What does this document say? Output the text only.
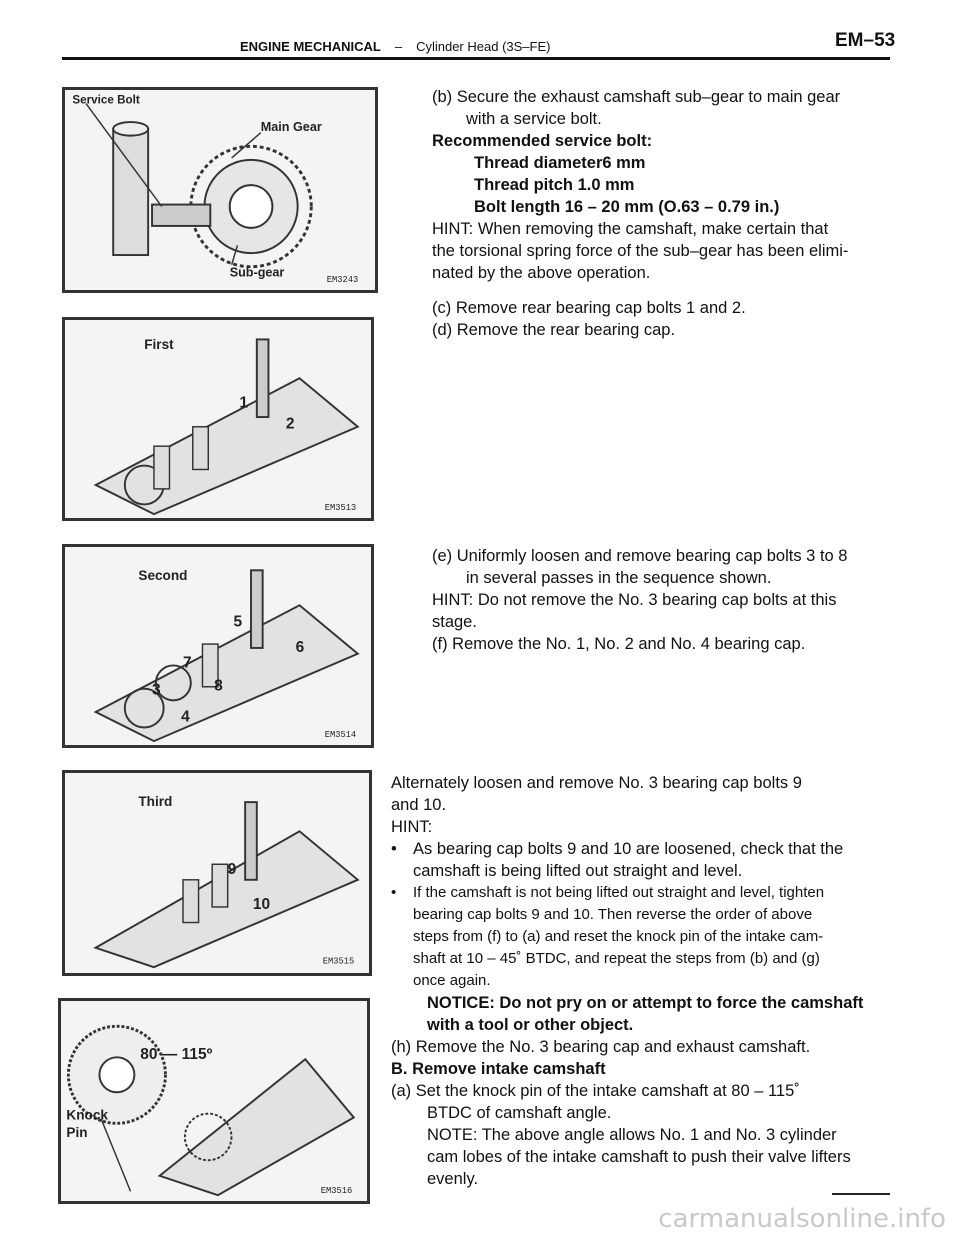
ENGINE MECHANICAL – Cylinder Head (3S–FE)	EM–53
Service Bolt
Main Gear
Sub-gear
EM3243
First
1
2
EM3513
Second
5
6
7
8
3
4
EM3514
Third
9
10
EM3515
80 — 115º
Knock
Pin
EM3516

(b) Secure the exhaust camshaft sub–gear to main gear

with a service bolt.

Recommended service bolt:

Thread diameter6 mm

Thread pitch 1.0 mm

Bolt length 16 – 20 mm (O.63 – 0.79 in.)

HINT: When removing the camshaft, make certain that

the torsional spring force of the sub–gear has been elimi-

nated by the above operation.

(c) Remove rear bearing cap bolts 1 and 2.

(d) Remove the rear bearing cap.

(e) Uniformly loosen and remove bearing cap bolts 3 to 8

in several passes in the sequence shown.

HINT: Do not remove the No. 3 bearing cap bolts at this

stage.

(f) Remove the No. 1, No. 2 and No. 4 bearing cap.

Alternately loosen and remove No. 3 bearing cap bolts 9

and 10.

HINT:

• As bearing cap bolts 9 and 10 are loosened, check that the

camshaft is being lifted out straight and level.

• If the camshaft is not being lifted out straight and level, tighten

bearing cap bolts 9 and 10. Then reverse the order of above

steps from (f) to (a) and reset the knock pin of the intake cam-

shaft at 10 – 45˚ BTDC, and repeat the steps from (b) and (g)

once again.

NOTICE: Do not pry on or attempt to force the camshaft

with a tool or other object.

(h) Remove the No. 3 bearing cap and exhaust camshaft.

B. Remove intake camshaft

(a) Set the knock pin of the intake camshaft at 80 – 115˚

BTDC of camshaft angle.

NOTE: The above angle allows No. 1 and No. 3 cylinder

cam lobes of the intake camshaft to push their valve lifters

evenly.

carmanualsonline.info
